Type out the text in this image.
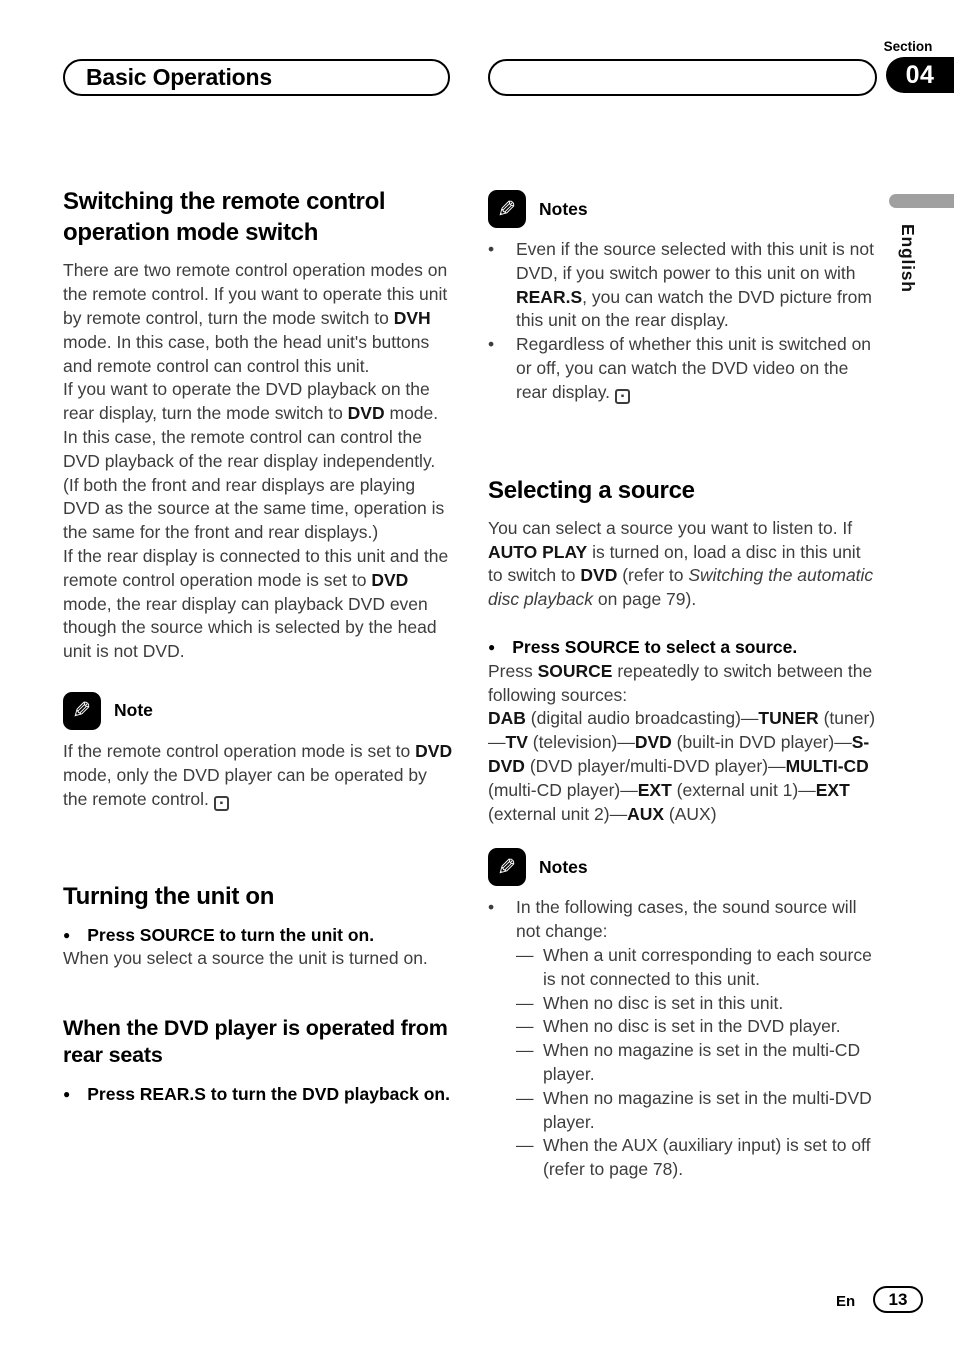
Basic Operations
Section
04
English
Switching the remote control operation mode switch

There are two remote control operation modes on the remote control. If you want to operate this unit by remote control, turn the mode switch to DVH mode. In this case, both the head unit's buttons and remote control can control this unit.

If you want to operate the DVD playback on the rear display, turn the mode switch to DVD mode. In this case, the remote control can control the DVD playback of the rear display independently. (If both the front and rear displays are playing DVD as the source at the same time, operation is the same for the front and rear displays.)

If the rear display is connected to this unit and the remote control operation mode is set to DVD mode, the rear display can playback DVD even though the source which is selected by the head unit is not DVD.

✎ Note

If the remote control operation mode is set to DVD mode, only the DVD player can be operated by the remote control. ▪

Turning the unit on

● Press SOURCE to turn the unit on.

When you select a source the unit is turned on.

When the DVD player is operated from rear seats

● Press REAR.S to turn the DVD playback on.

✎ Notes
•	Even if the source selected with this unit is not DVD, if you switch power to this unit on with REAR.S, you can watch the DVD picture from this unit on the rear display.
•	Regardless of whether this unit is switched on or off, you can watch the DVD video on the rear display. ▪
Selecting a source

You can select a source you want to listen to. If AUTO PLAY is turned on, load a disc in this unit to switch to DVD (refer to Switching the automatic disc playback on page 79).

● Press SOURCE to select a source.

Press SOURCE repeatedly to switch between the following sources:

DAB (digital audio broadcasting)—TUNER (tuner)—TV (television)—DVD (built-in DVD player)—S-DVD (DVD player/multi-DVD player)—MULTI-CD (multi-CD player)—EXT (external unit 1)—EXT (external unit 2)—AUX (AUX)

✎ Notes
•	In the following cases, the sound source will not change:
— When a unit corresponding to each source is not connected to this unit.
— When no disc is set in this unit.
— When no disc is set in the DVD player.
— When no magazine is set in the multi-CD player.
— When no magazine is set in the multi-DVD player.
— When the AUX (auxiliary input) is set to off (refer to page 78).
En 13
